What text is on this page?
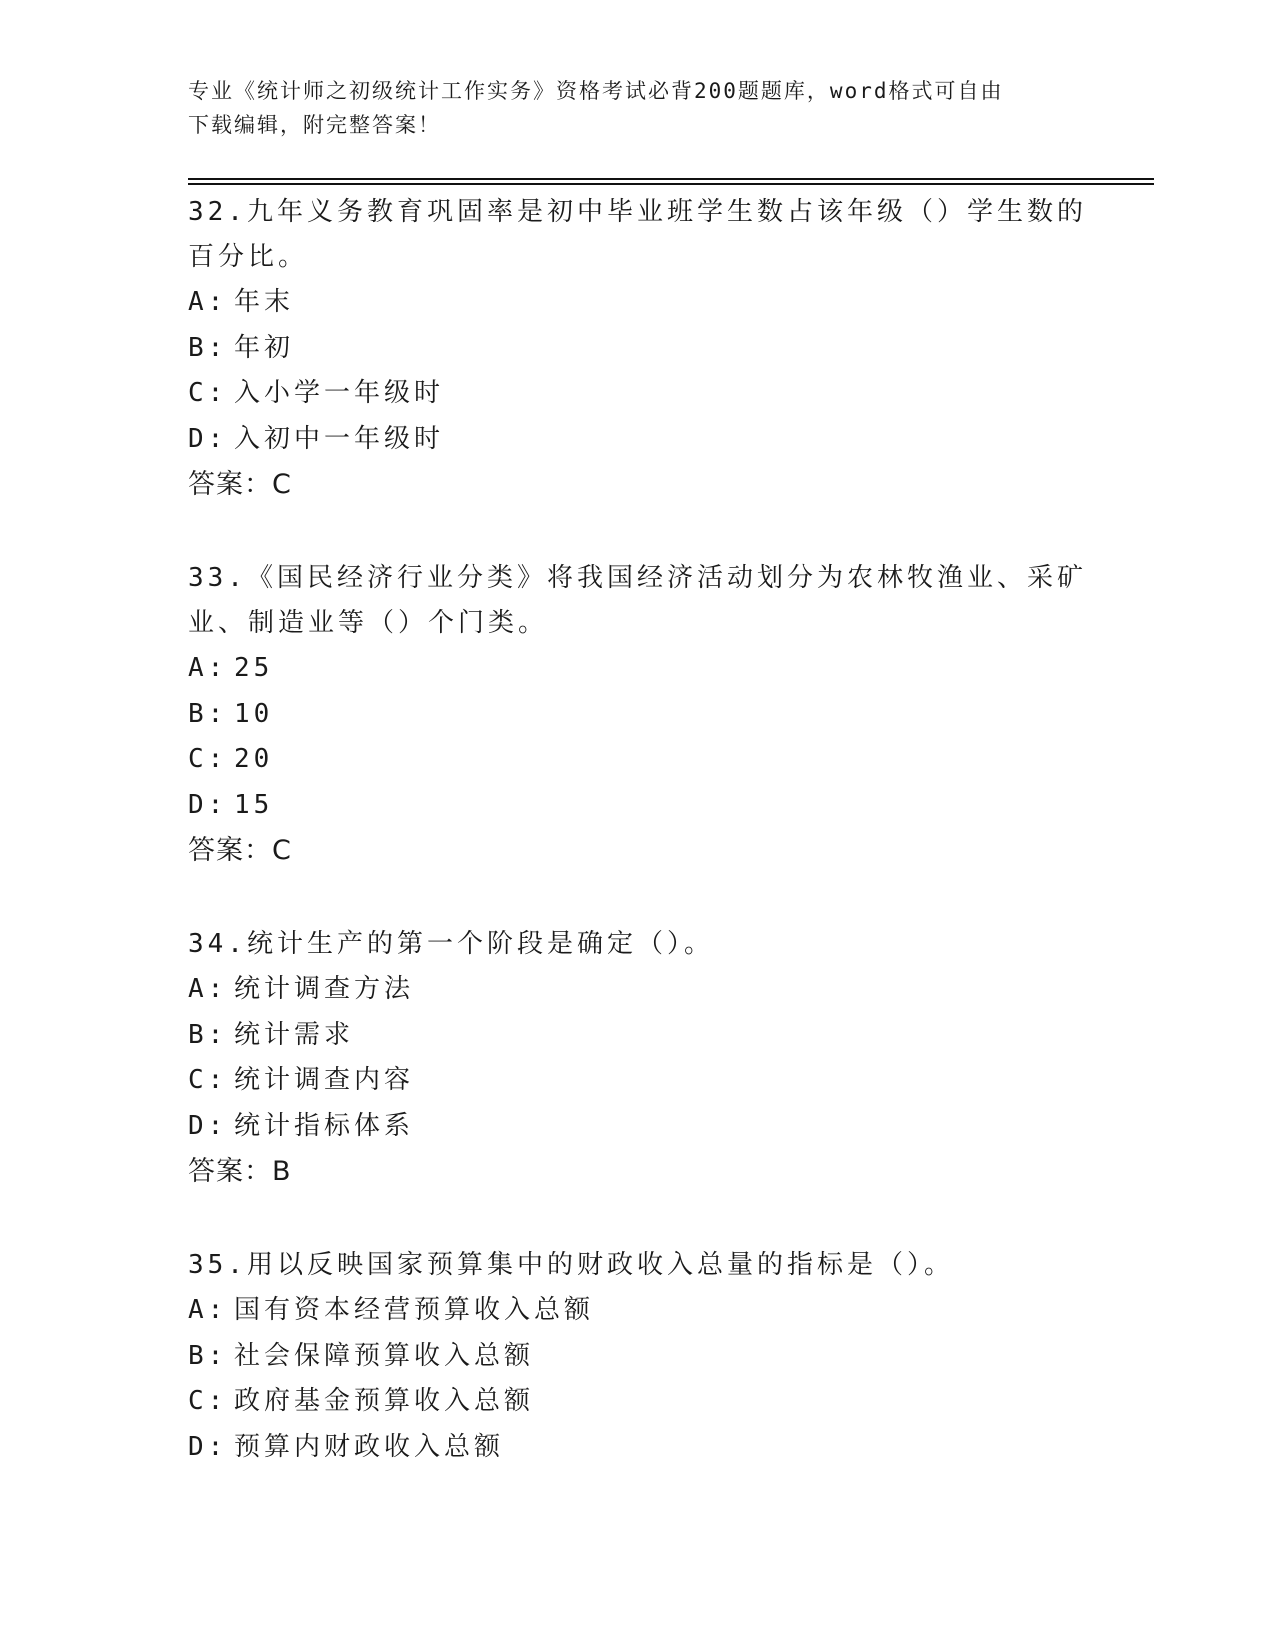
专业《统计师之初级统计工作实务》资格考试必背200题题库，word格式可自由
下载编辑，附完整答案！

32.九年义务教育巩固率是初中毕业班学生数占该年级（）学生数的百分比。

A: 年末

B: 年初

C: 入小学一年级时

D: 入初中一年级时

答案：C

33.《国民经济行业分类》将我国经济活动划分为农林牧渔业、采矿业、制造业等（）个门类。

A: 25

B: 10

C: 20

D: 15

答案：C

34.统计生产的第一个阶段是确定（）。

A: 统计调查方法

B: 统计需求

C: 统计调查内容

D: 统计指标体系

答案：B

35.用以反映国家预算集中的财政收入总量的指标是（）。

A: 国有资本经营预算收入总额

B: 社会保障预算收入总额

C: 政府基金预算收入总额

D: 预算内财政收入总额
